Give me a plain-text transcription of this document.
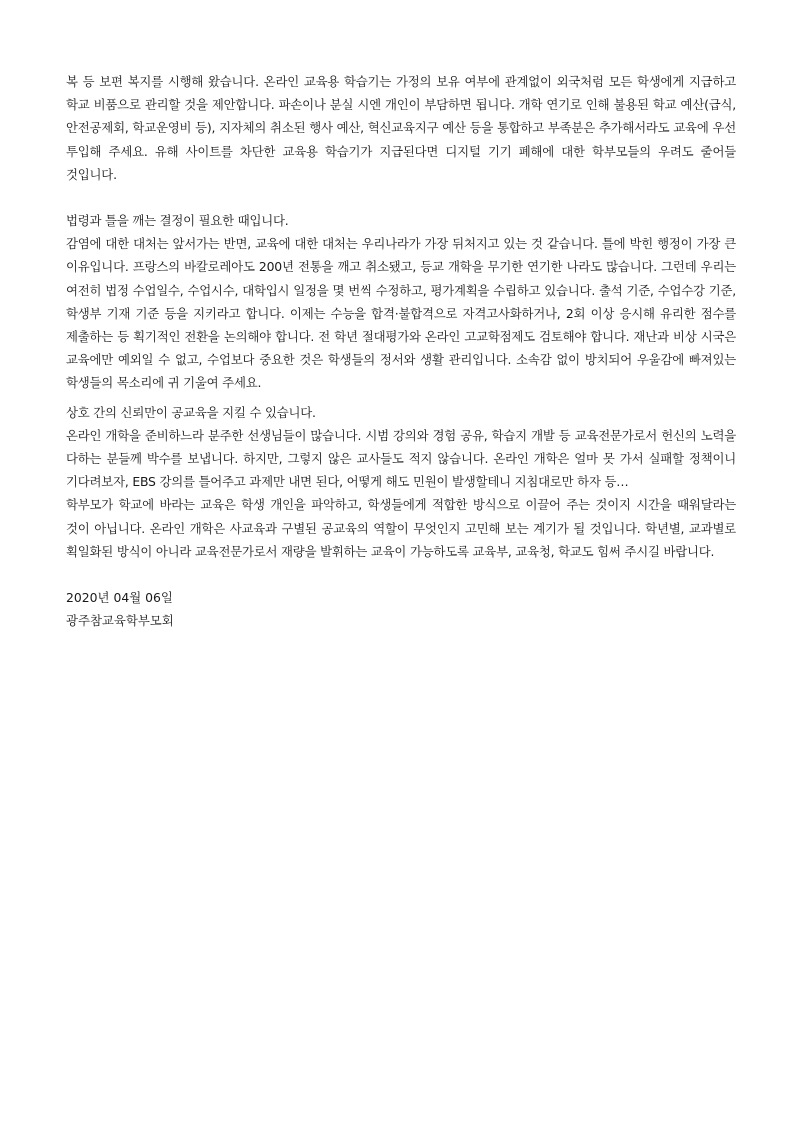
복 등 보편 복지를 시행해 왔습니다. 온라인 교육용 학습기는 가정의 보유 여부에 관계없이 외국처럼 모든 학생에게 지급하고 학교 비품으로 관리할 것을 제안합니다. 파손이나 분실 시엔 개인이 부담하면 됩니다. 개학 연기로 인해 불용된 학교 예산(급식, 안전공제회, 학교운영비 등), 지자체의 취소된 행사 예산, 혁신교육지구 예산 등을 통합하고 부족분은 추가해서라도 교육에 우선 투입해 주세요. 유해 사이트를 차단한 교육용 학습기가 지급된다면 디지털 기기 폐해에 대한 학부모들의 우려도 줄어들 것입니다.

법령과 틀을 깨는 결정이 필요한 때입니다.

감염에 대한 대처는 앞서가는 반면, 교육에 대한 대처는 우리나라가 가장 뒤처지고 있는 것 같습니다. 틀에 박힌 행정이 가장 큰 이유입니다. 프랑스의 바칼로레아도 200년 전통을 깨고 취소됐고, 등교 개학을 무기한 연기한 나라도 많습니다. 그런데 우리는 여전히 법정 수업일수, 수업시수, 대학입시 일정을 몇 번씩 수정하고, 평가계획을 수립하고 있습니다. 출석 기준, 수업수강 기준, 학생부 기재 기준 등을 지키라고 합니다. 이제는 수능을 합격·불합격으로 자격고사화하거나, 2회 이상 응시해 유리한 점수를 제출하는 등 획기적인 전환을 논의해야 합니다. 전 학년 절대평가와 온라인 고교학점제도 검토해야 합니다. 재난과 비상 시국은 교육에만 예외일 수 없고, 수업보다 중요한 것은 학생들의 정서와 생활 관리입니다. 소속감 없이 방치되어 우울감에 빠져있는 학생들의 목소리에 귀 기울여 주세요.

상호 간의 신뢰만이 공교육을 지킬 수 있습니다.

온라인 개학을 준비하느라 분주한 선생님들이 많습니다. 시범 강의와 경험 공유, 학습지 개발 등 교육전문가로서 헌신의 노력을 다하는 분들께 박수를 보냅니다. 하지만, 그렇지 않은 교사들도 적지 않습니다. 온라인 개학은 얼마 못 가서 실패할 정책이니 기다려보자, EBS 강의를 틀어주고 과제만 내면 된다, 어떻게 해도 민원이 발생할테니 지침대로만 하자 등…

학부모가 학교에 바라는 교육은 학생 개인을 파악하고, 학생들에게 적합한 방식으로 이끌어 주는 것이지 시간을 때워달라는 것이 아닙니다. 온라인 개학은 사교육과 구별된 공교육의 역할이 무엇인지 고민해 보는 계기가 될 것입니다. 학년별, 교과별로 획일화된 방식이 아니라 교육전문가로서 재량을 발휘하는 교육이 가능하도록 교육부, 교육청, 학교도 힘써 주시길 바랍니다.

2020년 04월 06일

광주참교육학부모회
